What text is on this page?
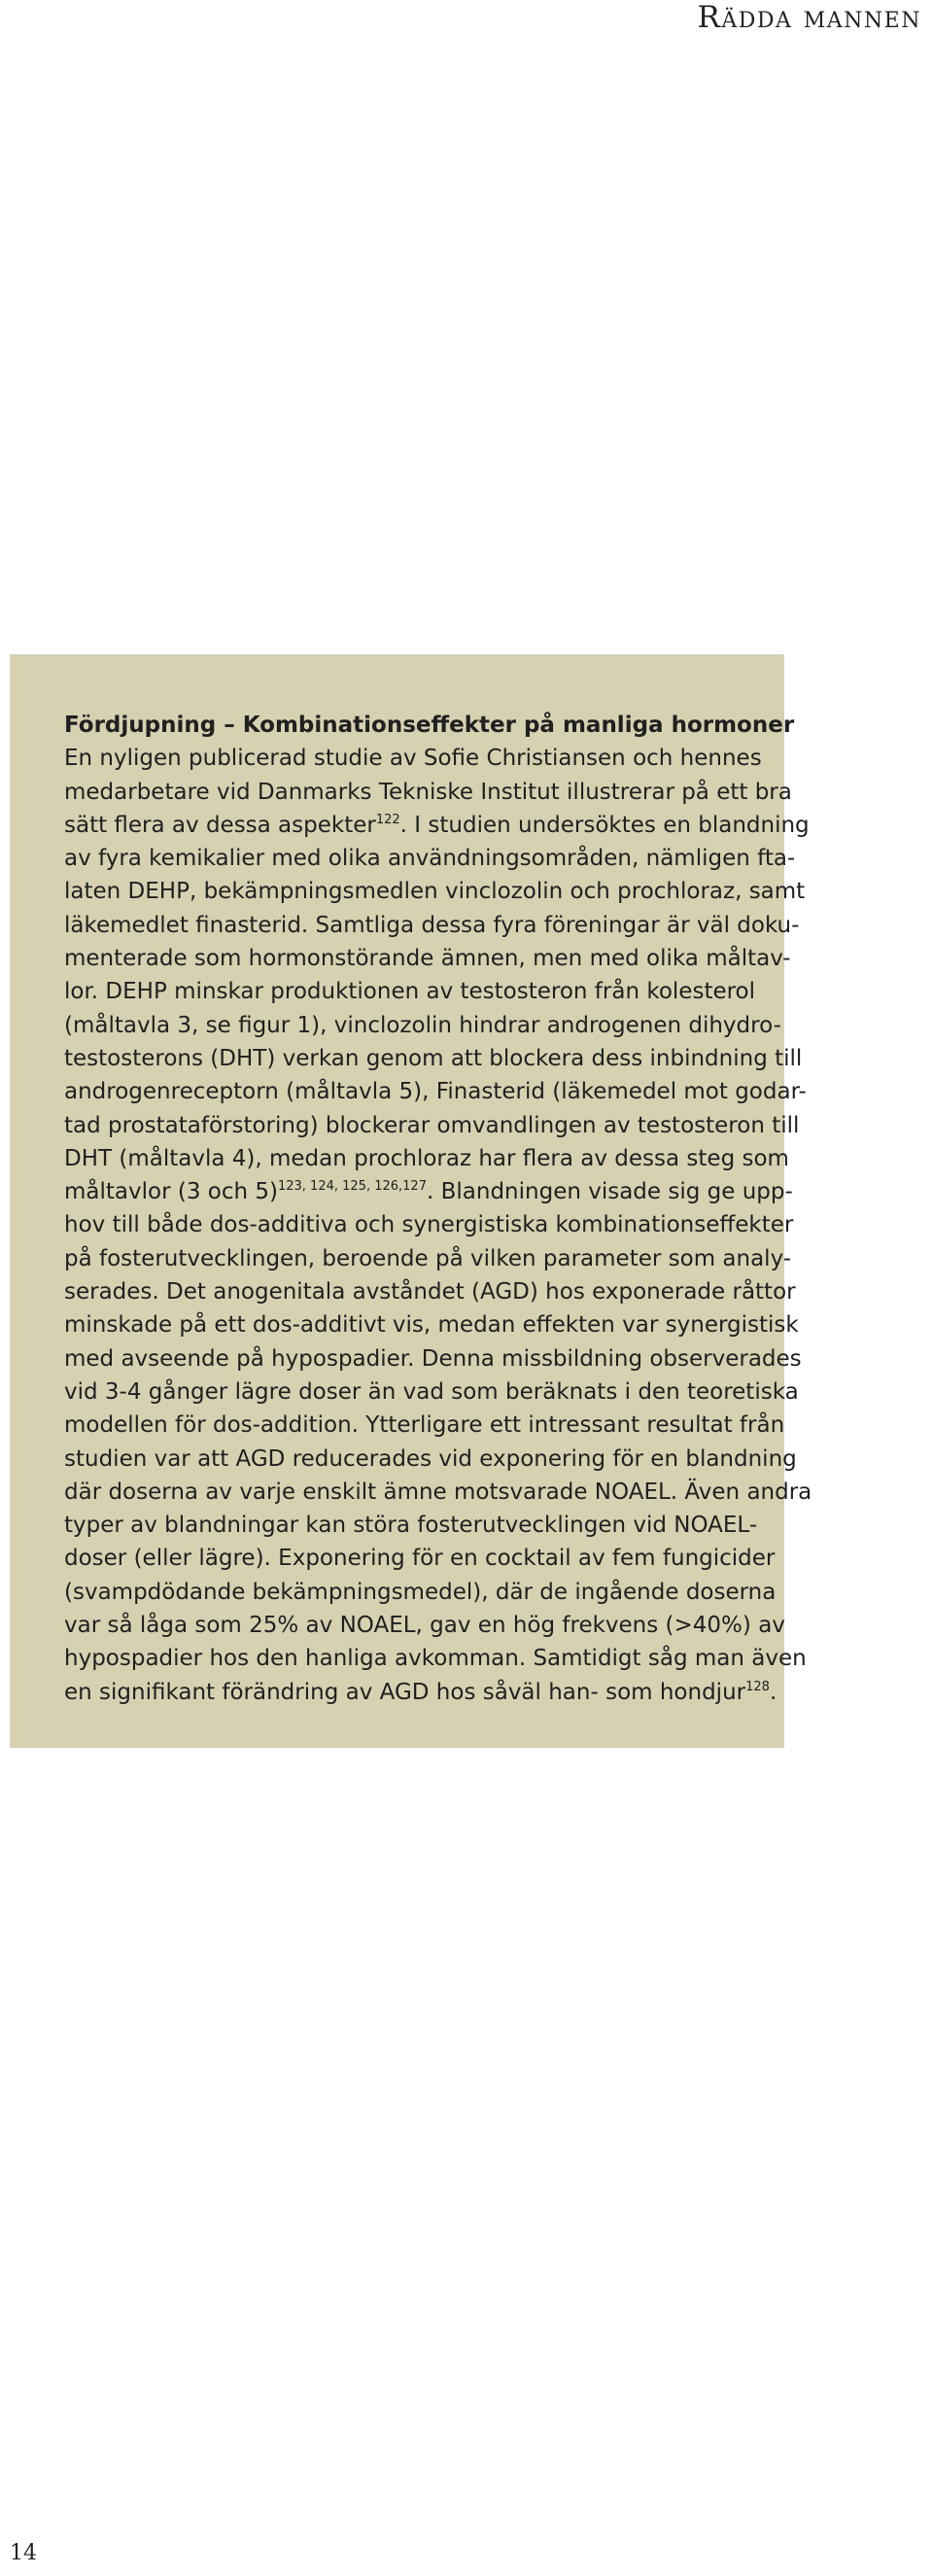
Rädda mannen
Fördjupning – Kombinationseffekter på manliga hormoner
En nyligen publicerad studie av Sofie Christiansen och hennes
medarbetare vid Danmarks Tekniske Institut illustrerar på ett bra
sätt flera av dessa aspekter$^{122}$. I studien undersöktes en blandning
av fyra kemikalier med olika användningsområden, nämligen fta-
laten DEHP, bekämpningsmedlen vinclozolin och prochloraz, samt
läkemedlet finasterid. Samtliga dessa fyra föreningar är väl doku-
menterade som hormonstörande ämnen, men med olika måltav-
lor. DEHP minskar produktionen av testosteron från kolesterol
(måltavla 3, se figur 1), vinclozolin hindrar androgenen dihydro-
testosterons (DHT) verkan genom att blockera dess inbindning till
androgenreceptorn (måltavla 5), Finasterid (läkemedel mot godar-
tad prostataförstoring) blockerar omvandlingen av testosteron till
DHT (måltavla 4), medan prochloraz har flera av dessa steg som
måltavlor (3 och 5)$^{123, 124, 125, 126,127}$. Blandningen visade sig ge upp-
hov till både dos-additiva och synergistiska kombinationseffekter
på fosterutvecklingen, beroende på vilken parameter som analy-
serades. Det anogenitala avståndet (AGD) hos exponerade råttor
minskade på ett dos-additivt vis, medan effekten var synergistisk
med avseende på hypospadier. Denna missbildning observerades
vid 3-4 gånger lägre doser än vad som beräknats i den teoretiska
modellen för dos-addition. Ytterligare ett intressant resultat från
studien var att AGD reducerades vid exponering för en blandning
där doserna av varje enskilt ämne motsvarade NOAEL. Även andra
typer av blandningar kan störa fosterutvecklingen vid NOAEL-
doser (eller lägre). Exponering för en cocktail av fem fungicider
(svampdödande bekämpningsmedel), där de ingående doserna
var så låga som 25% av NOAEL, gav en hög frekvens (>40%) av
hypospadier hos den hanliga avkomman. Samtidigt såg man även
en signifikant förändring av AGD hos såväl han- som hondjur$^{128}$.
14
